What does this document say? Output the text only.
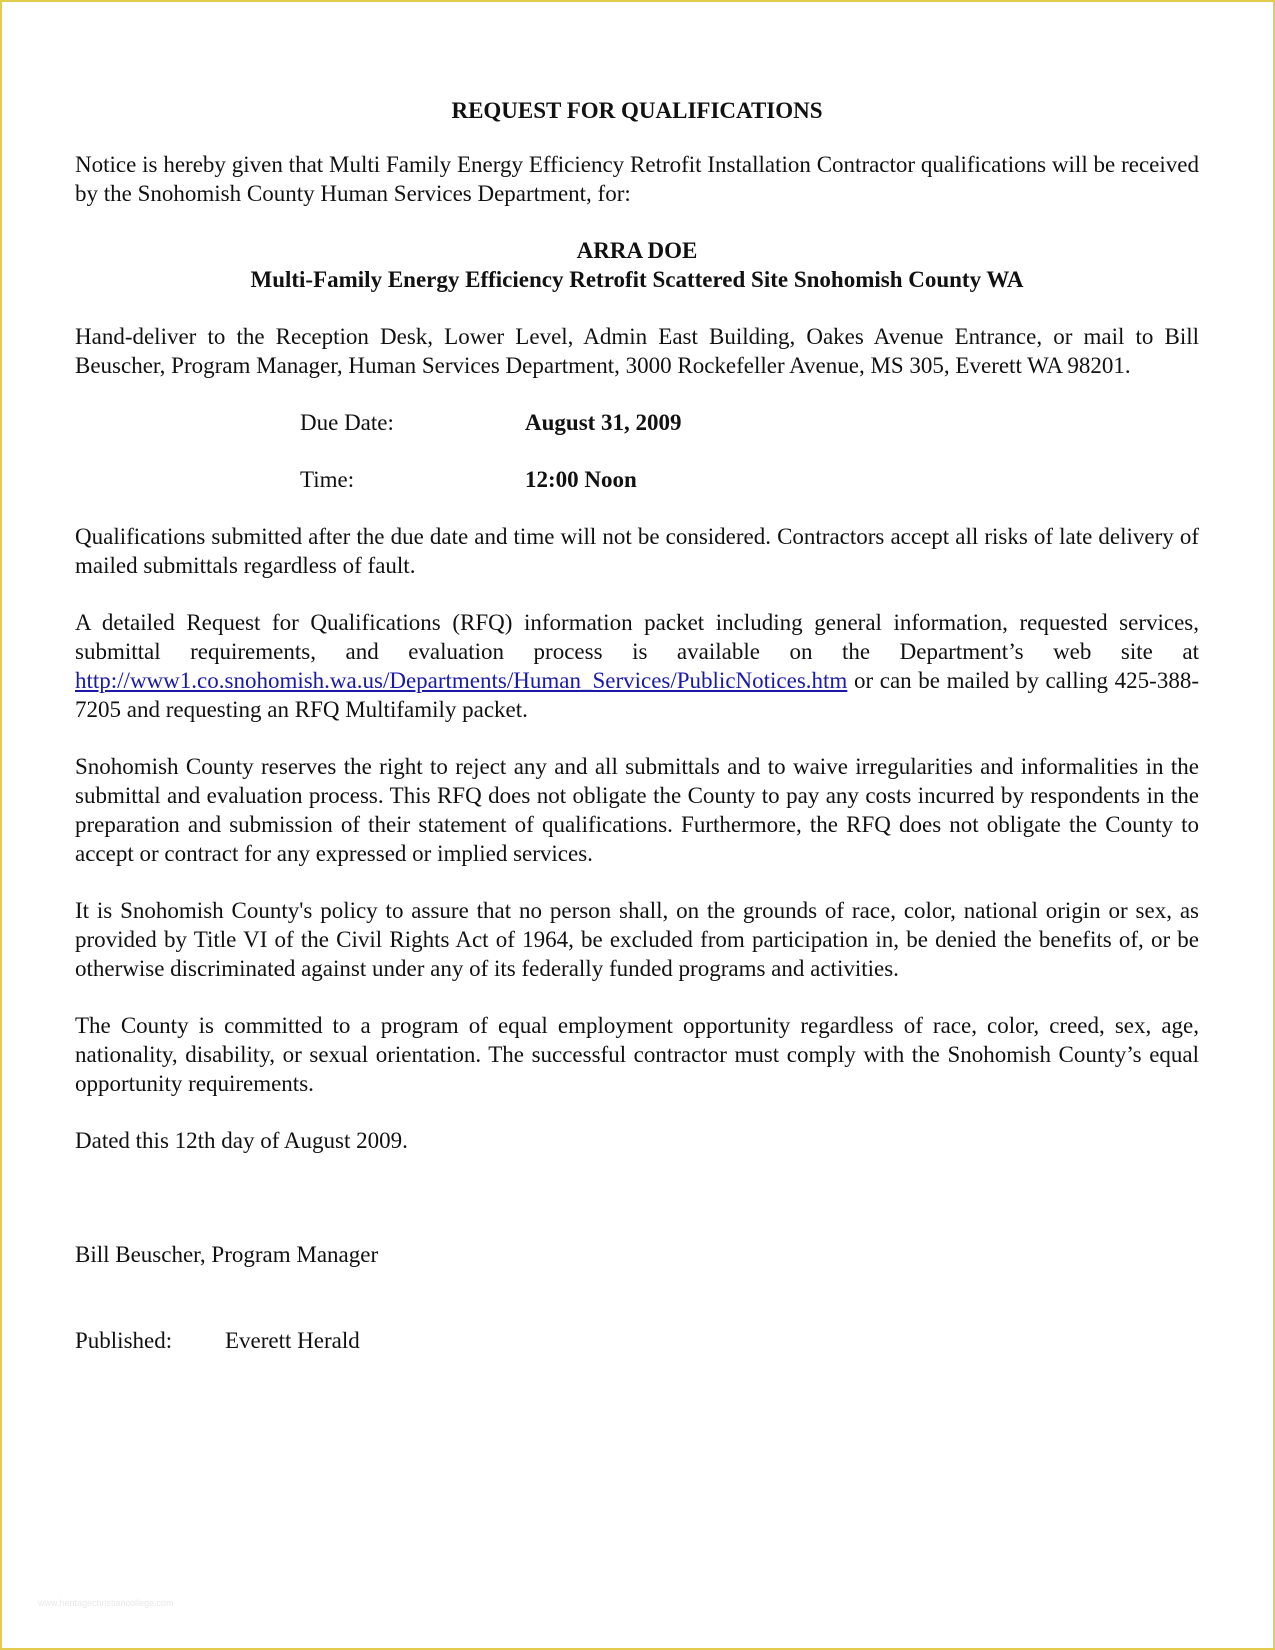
REQUEST FOR QUALIFICATIONS

Notice is hereby given that Multi Family Energy Efficiency Retrofit Installation Contractor qualifications will be received by the Snohomish County Human Services Department, for:

ARRA DOE
Multi-Family Energy Efficiency Retrofit Scattered Site Snohomish County WA

Hand-deliver to the Reception Desk, Lower Level, Admin East Building, Oakes Avenue Entrance, or mail to Bill Beuscher, Program Manager, Human Services Department, 3000 Rockefeller Avenue, MS 305, Everett WA 98201.

Due Date:	August 31, 2009
Time:	12:00 Noon

Qualifications submitted after the due date and time will not be considered. Contractors accept all risks of late delivery of mailed submittals regardless of fault.

A detailed Request for Qualifications (RFQ) information packet including general information, requested services, submittal requirements, and evaluation process is available on the Department’s web site at http://www1.co.snohomish.wa.us/Departments/Human_Services/PublicNotices.htm or can be mailed by calling 425-388-7205 and requesting an RFQ Multifamily packet.

Snohomish County reserves the right to reject any and all submittals and to waive irregularities and informalities in the submittal and evaluation process. This RFQ does not obligate the County to pay any costs incurred by respondents in the preparation and submission of their statement of qualifications. Furthermore, the RFQ does not obligate the County to accept or contract for any expressed or implied services.

It is Snohomish County's policy to assure that no person shall, on the grounds of race, color, national origin or sex, as provided by Title VI of the Civil Rights Act of 1964, be excluded from participation in, be denied the benefits of, or be otherwise discriminated against under any of its federally funded programs and activities.

The County is committed to a program of equal employment opportunity regardless of race, color, creed, sex, age, nationality, disability, or sexual orientation. The successful contractor must comply with the Snohomish County’s equal opportunity requirements.

Dated this 12th day of August 2009.

Bill Beuscher, Program Manager

Published: Everett Herald
www.heritagechristiancollege.com
